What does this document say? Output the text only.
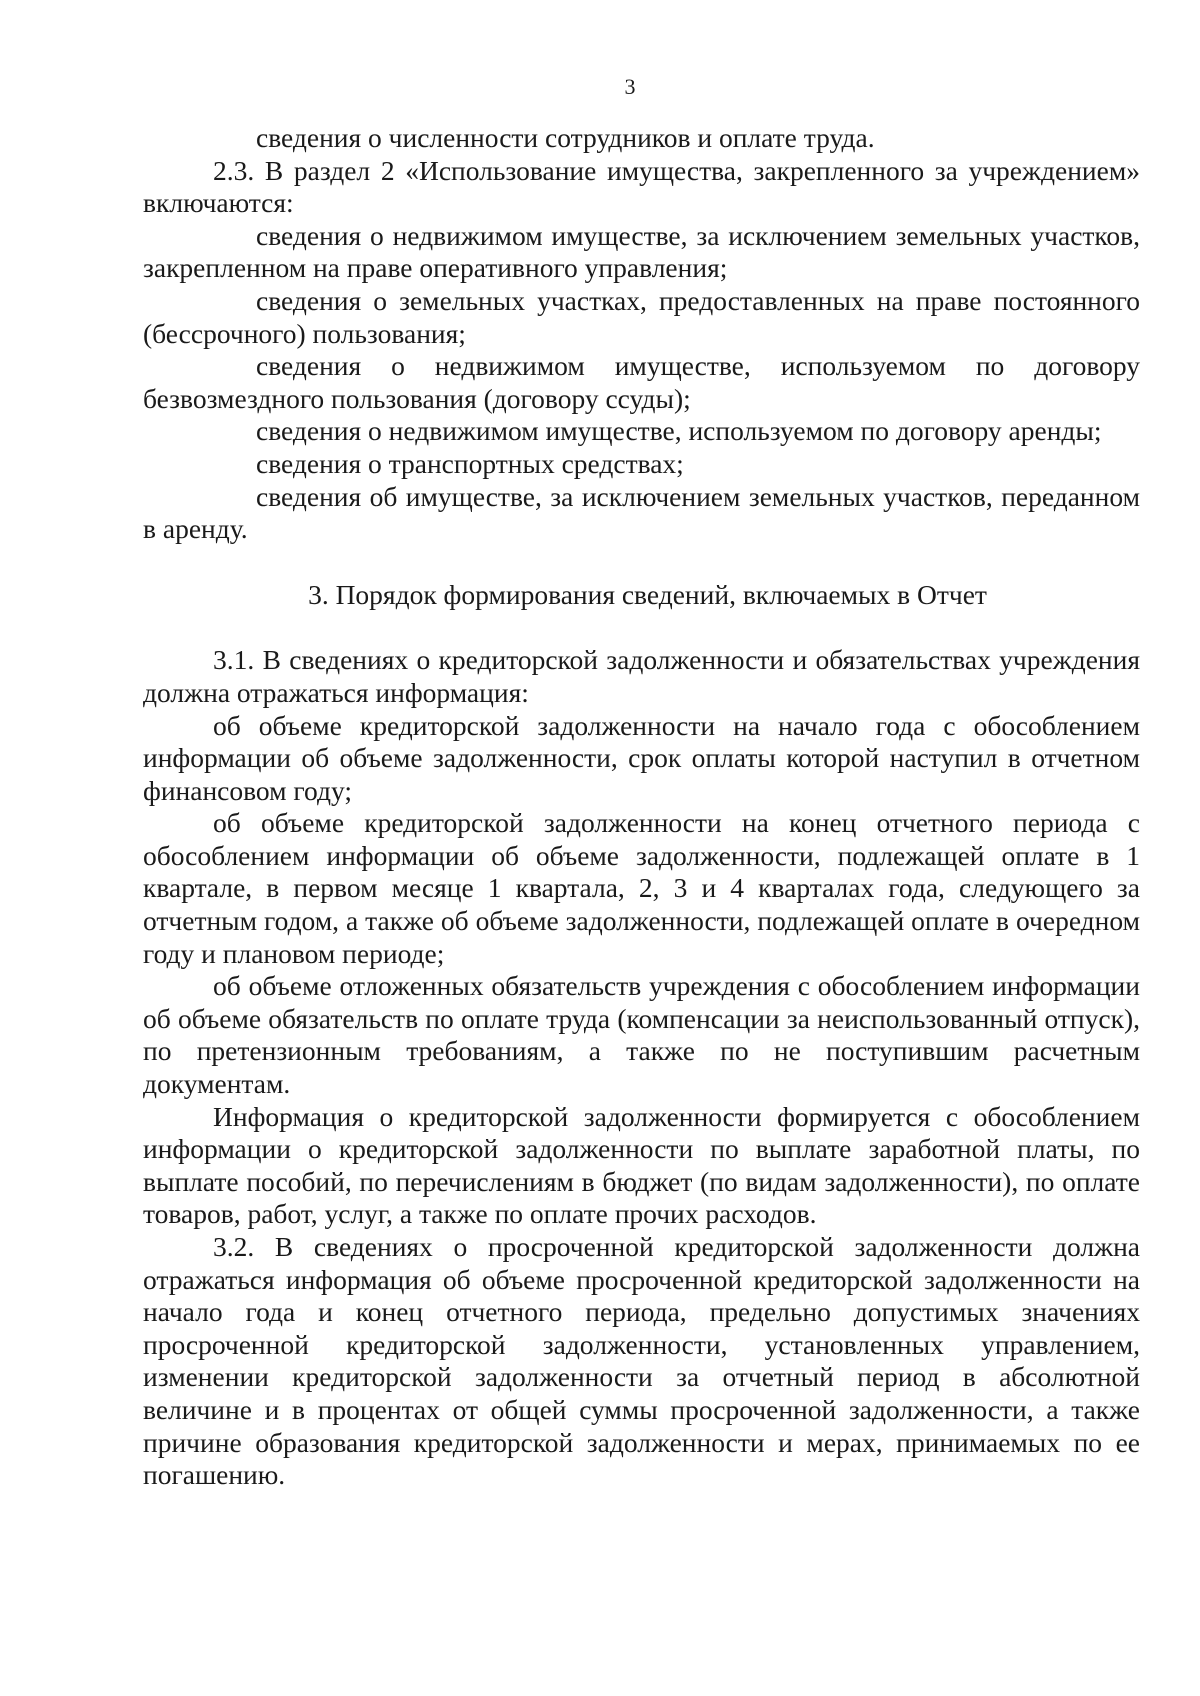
3

сведения о численности сотрудников и оплате труда.

2.3. В раздел 2 «Использование имущества, закрепленного за учреждением» включаются:

сведения о недвижимом имуществе, за исключением земельных участков, закрепленном на праве оперативного управления;

сведения о земельных участках, предоставленных на праве постоянного (бессрочного) пользования;

сведения о недвижимом имуществе, используемом по договору безвозмездного пользования (договору ссуды);

сведения о недвижимом имуществе, используемом по договору аренды;

сведения о транспортных средствах;

сведения об имуществе, за исключением земельных участков, переданном в аренду.

3. Порядок формирования сведений, включаемых в Отчет

3.1. В сведениях о кредиторской задолженности и обязательствах учреждения должна отражаться информация:

об объеме кредиторской задолженности на начало года с обособлением информации об объеме задолженности, срок оплаты которой наступил в отчетном финансовом году;

об объеме кредиторской задолженности на конец отчетного периода с обособлением информации об объеме задолженности, подлежащей оплате в 1 квартале, в первом месяце 1 квартала, 2, 3 и 4 кварталах года, следующего за отчетным годом, а также об объеме задолженности, подлежащей оплате в очередном году и плановом периоде;

об объеме отложенных обязательств учреждения с обособлением информации об объеме обязательств по оплате труда (компенсации за неиспользованный отпуск), по претензионным требованиям, а также по не поступившим расчетным документам.

Информация о кредиторской задолженности формируется с обособлением информации о кредиторской задолженности по выплате заработной платы, по выплате пособий, по перечислениям в бюджет (по видам задолженности), по оплате товаров, работ, услуг, а также по оплате прочих расходов.

3.2. В сведениях о просроченной кредиторской задолженности должна отражаться информация об объеме просроченной кредиторской задолженности на начало года и конец отчетного периода, предельно допустимых значениях просроченной кредиторской задолженности, установленных управлением, изменении кредиторской задолженности за отчетный период в абсолютной величине и в процентах от общей суммы просроченной задолженности, а также причине образования кредиторской задолженности и мерах, принимаемых по ее погашению.
